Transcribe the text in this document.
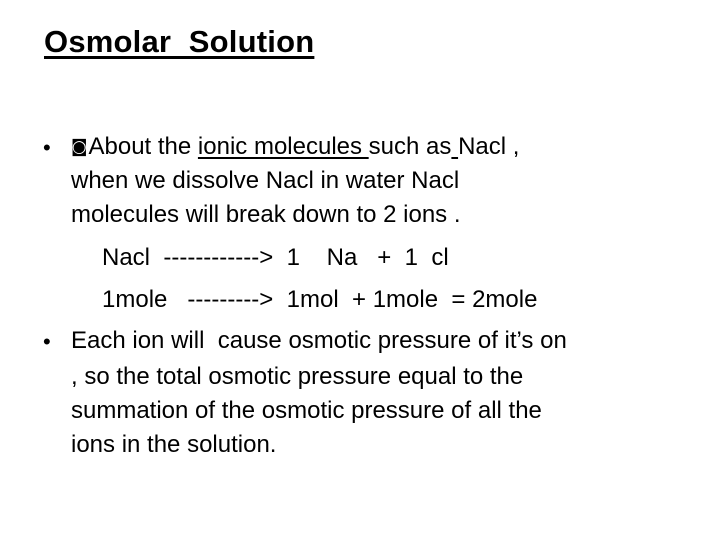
Osmolar  Solution
• ◙About the ionic molecules such as Nacl ,
when we dissolve Nacl in water Nacl
molecules will break down to 2 ions .
Nacl  ------------>  1    Na   +  1  cl
1mole   --------->  1mol  + 1mole  = 2mole
• Each ion will  cause osmotic pressure of it’s on
, so the total osmotic pressure equal to the
summation of the osmotic pressure of all the
ions in the solution.
